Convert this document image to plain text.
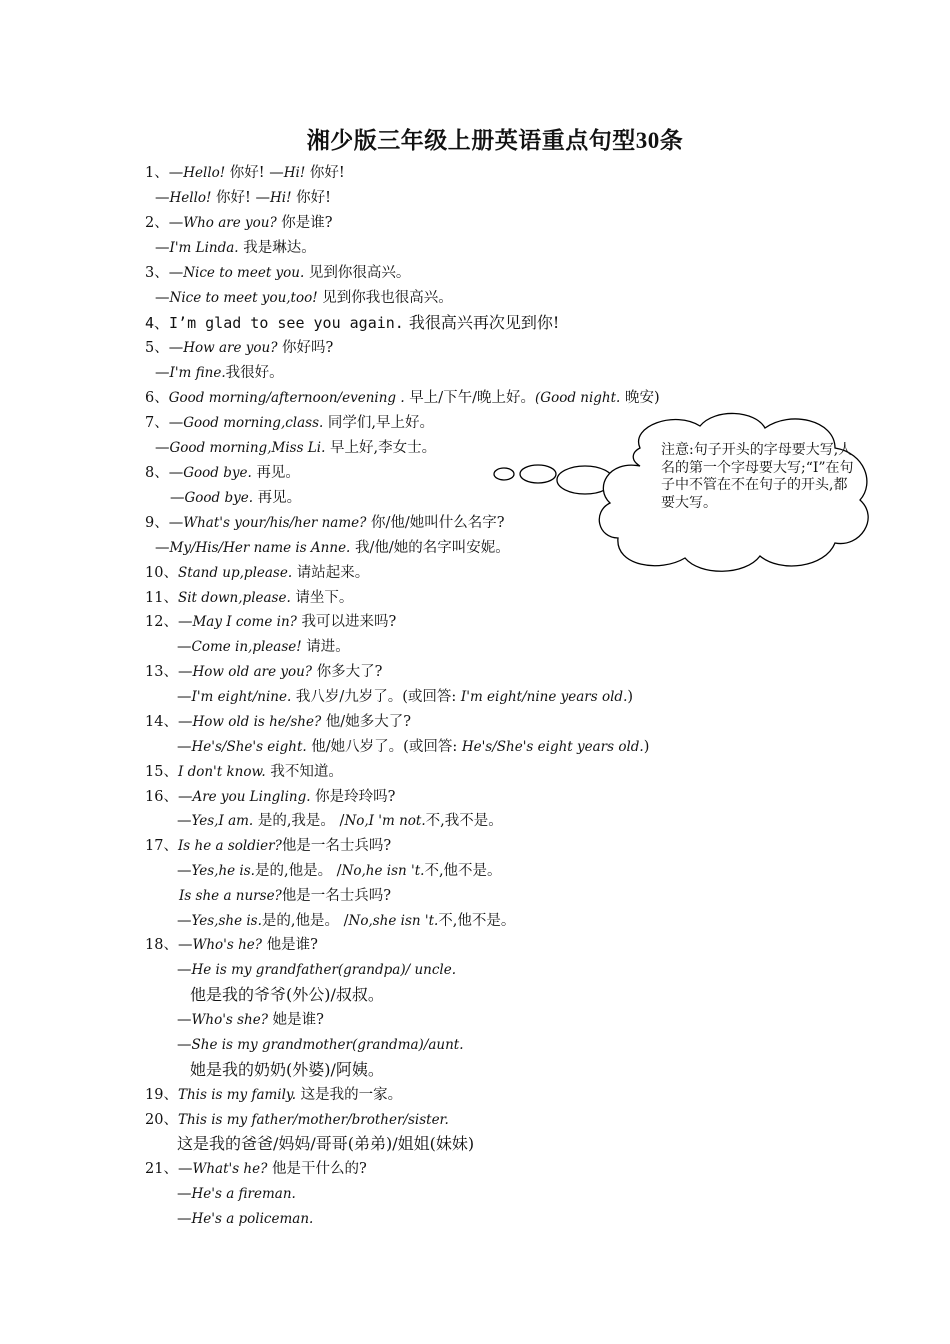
湘少版三年级上册英语重点句型30条
1、—Hello! 你好! —Hi! 你好!
—Hello! 你好! —Hi! 你好!
2、—Who are you? 你是谁?
—I'm Linda. 我是琳达。
3、—Nice to meet you. 见到你很高兴。
—Nice to meet you,too! 见到你我也很高兴。
4、I’m glad to see you again. 我很高兴再次见到你!
5、—How are you? 你好吗?
—I'm fine.我很好。
6、Good morning/afternoon/evening . 早上/下午/晚上好。(Good night. 晚安)
7、—Good morning,class. 同学们,早上好。
—Good morning,Miss Li. 早上好,李女士。
8、—Good bye. 再见。
—Good bye. 再见。
9、—What's your/his/her name? 你/他/她叫什么名字?
—My/His/Her name is Anne. 我/他/她的名字叫安妮。
10、Stand up,please. 请站起来。
11、Sit down,please. 请坐下。
12、—May I come in? 我可以进来吗?
—Come in,please! 请进。
13、—How old are you? 你多大了?
—I'm eight/nine. 我八岁/九岁了。(或回答: I'm eight/nine years old.)
14、—How old is he/she? 他/她多大了?
—He's/She's eight. 他/她八岁了。(或回答: He's/She's eight years old.)
15、I don't know. 我不知道。
16、—Are you Lingling. 你是玲玲吗?
—Yes,I am. 是的,我是。 /No,I 'm not.不,我不是。
17、Is he a soldier?他是一名士兵吗?
—Yes,he is.是的,他是。 /No,he isn 't.不,他不是。
Is she a nurse?他是一名士兵吗?
—Yes,she is.是的,他是。 /No,she isn 't.不,他不是。
18、—Who's he? 他是谁?
—He is my grandfather(grandpa)/ uncle.
他是我的爷爷(外公)/叔叔。
—Who's she? 她是谁?
—She is my grandmother(grandma)/aunt.
她是我的奶奶(外婆)/阿姨。
19、This is my family. 这是我的一家。
20、This is my father/mother/brother/sister.
这是我的爸爸/妈妈/哥哥(弟弟)/姐姐(妹妹)
21、—What's he? 他是干什么的?
—He's a fireman.
—He's a policeman.
注意:句子开头的字母要大写,人名的第一个字母要大写;“I”在句子中不管在不在句子的开头,都要大写。
